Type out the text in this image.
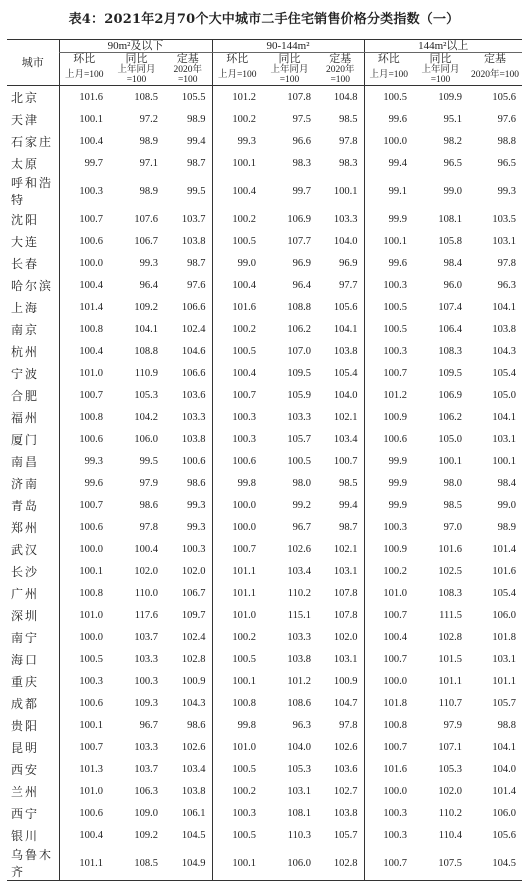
表4：2021年2月70个大中城市二手住宅销售价格分类指数（一）
城市	90m²及以下			90-144m²			144m²以上		
	环比	同比	定基	环比	同比	定基	环比	同比	定基
	上月=100	上年同月=100	2020年=100	上月=100	上年同月=100	2020年=100	上月=100	上年同月=100	2020年=100
北京	101.6	108.5	105.5	101.2	107.8	104.8	100.5	109.9	105.6
天津	100.1	97.2	98.9	100.2	97.5	98.5	99.6	95.1	97.6
石家庄	100.4	98.9	99.4	99.3	96.6	97.8	100.0	98.2	98.8
太原	99.7	97.1	98.7	100.1	98.3	98.3	99.4	96.5	96.5
呼和浩特	100.3	98.9	99.5	100.4	99.7	100.1	99.1	99.0	99.3
沈阳	100.7	107.6	103.7	100.2	106.9	103.3	99.9	108.1	103.5
大连	100.6	106.7	103.8	100.5	107.7	104.0	100.1	105.8	103.1
长春	100.0	99.3	98.7	99.0	96.9	96.9	99.6	98.4	97.8
哈尔滨	100.4	96.4	97.6	100.4	96.4	97.7	100.3	96.0	96.3
上海	101.4	109.2	106.6	101.6	108.8	105.6	100.5	107.4	104.1
南京	100.8	104.1	102.4	100.2	106.2	104.1	100.5	106.4	103.8
杭州	100.4	108.8	104.6	100.5	107.0	103.8	100.3	108.3	104.3
宁波	101.0	110.9	106.6	100.4	109.5	105.4	100.7	109.5	105.4
合肥	100.7	105.3	103.6	100.7	105.9	104.0	101.2	106.9	105.0
福州	100.8	104.2	103.3	100.3	103.3	102.1	100.9	106.2	104.1
厦门	100.6	106.0	103.8	100.3	105.7	103.4	100.6	105.0	103.1
南昌	99.3	99.5	100.6	100.6	100.5	100.7	99.9	100.1	100.1
济南	99.6	97.9	98.6	99.8	98.0	98.5	99.9	98.0	98.4
青岛	100.7	98.6	99.3	100.0	99.2	99.4	99.9	98.5	99.0
郑州	100.6	97.8	99.3	100.0	96.7	98.7	100.3	97.0	98.9
武汉	100.0	100.4	100.3	100.7	102.6	102.1	100.9	101.6	101.4
长沙	100.1	102.0	102.0	101.1	103.4	103.1	100.2	102.5	101.6
广州	100.8	110.0	106.7	101.1	110.2	107.8	101.0	108.3	105.4
深圳	101.0	117.6	109.7	101.0	115.1	107.8	100.7	111.5	106.0
南宁	100.0	103.7	102.4	100.2	103.3	102.0	100.4	102.8	101.8
海口	100.5	103.3	102.8	100.5	103.8	103.1	100.7	101.5	103.1
重庆	100.3	100.3	100.9	100.1	101.2	100.9	100.0	101.1	101.1
成都	100.6	109.3	104.3	100.8	108.6	104.7	101.8	110.7	105.7
贵阳	100.1	96.7	98.6	99.8	96.3	97.8	100.8	97.9	98.8
昆明	100.7	103.3	102.6	101.0	104.0	102.6	100.7	107.1	104.1
西安	101.3	103.7	103.4	100.5	105.3	103.6	101.6	105.3	104.0
兰州	101.0	106.3	103.8	100.2	103.1	102.7	100.0	102.0	101.4
西宁	100.6	109.0	106.1	100.3	108.1	103.8	100.3	110.2	106.0
银川	100.4	109.2	104.5	100.5	110.3	105.7	100.3	110.4	105.6
乌鲁木齐	101.1	108.5	104.9	100.1	106.0	102.8	100.7	107.5	104.5
